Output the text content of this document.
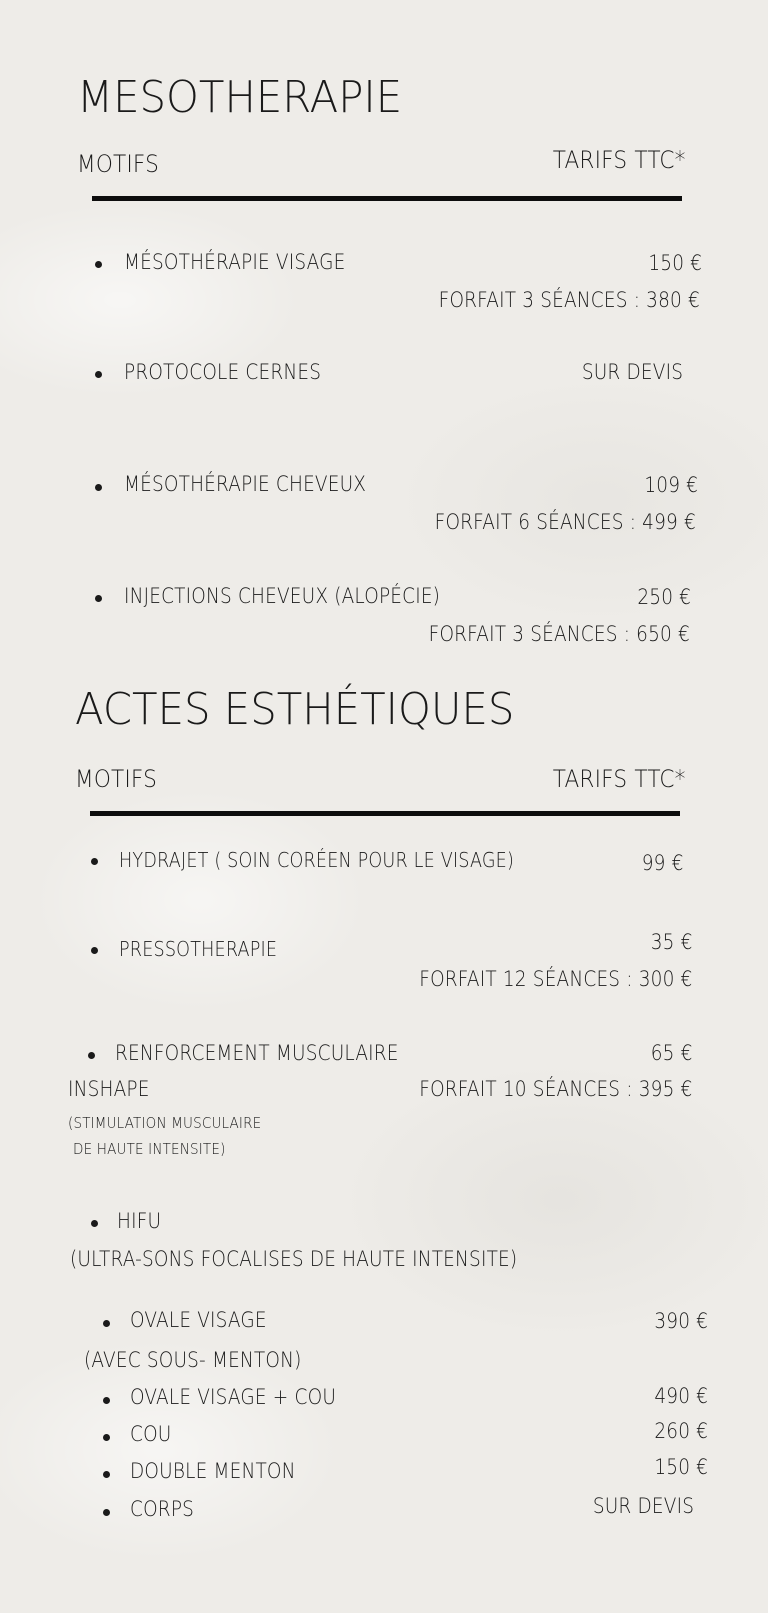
MESOTHERAPIE
MOTIFS	TARIFS TTC*
MÉSOTHÉRAPIE VISAGE	150 €
FORFAIT 3 SÉANCES : 380 €
PROTOCOLE CERNES	SUR DEVIS
MÉSOTHÉRAPIE CHEVEUX	109 €
FORFAIT 6 SÉANCES : 499 €
INJECTIONS CHEVEUX (ALOPÉCIE)	250 €
FORFAIT 3 SÉANCES : 650 €
ACTES ESTHÉTIQUES
MOTIFS	TARIFS TTC*
HYDRAJET ( SOIN CORÉEN POUR LE VISAGE)	99 €
PRESSOTHERAPIE	35 €
FORFAIT 12 SÉANCES : 300 €
RENFORCEMENT MUSCULAIRE	65 €
INSHAPE	FORFAIT 10 SÉANCES : 395 €
(STIMULATION MUSCULAIRE
DE HAUTE INTENSITE)
HIFU
(ULTRA-SONS FOCALISES DE HAUTE INTENSITE)
OVALE VISAGE	390 €
(AVEC SOUS- MENTON)
OVALE VISAGE + COU	490 €
COU	260 €
DOUBLE MENTON	150 €
CORPS	SUR DEVIS
